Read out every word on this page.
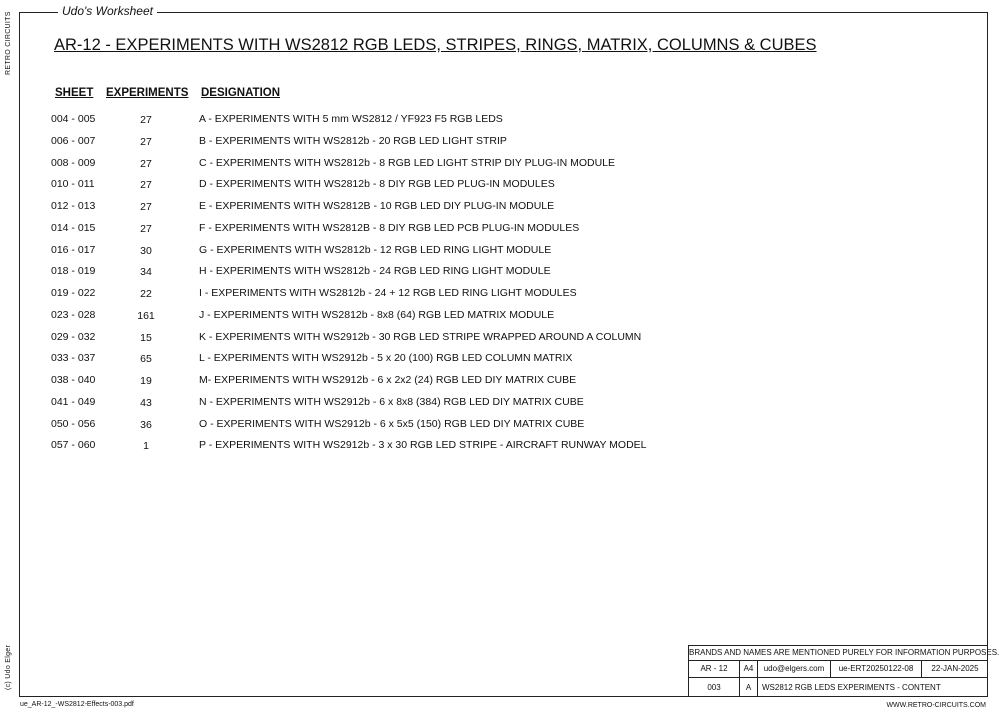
Udo's Worksheet
RETRO CIRCUITS
(c) Udo Elger
AR-12 - EXPERIMENTS WITH WS2812 RGB LEDS, STRIPES, RINGS, MATRIX, COLUMNS & CUBES
SHEET EXPERIMENTS DESIGNATION
004 - 005	27	A - EXPERIMENTS WITH 5 mm WS2812 / YF923 F5 RGB LEDS
006 - 007	27	B - EXPERIMENTS WITH WS2812b - 20 RGB LED LIGHT STRIP
008 - 009	27	C - EXPERIMENTS WITH WS2812b - 8 RGB LED LIGHT STRIP DIY PLUG-IN MODULE
010 - 011	27	D - EXPERIMENTS WITH WS2812b - 8 DIY RGB LED PLUG-IN MODULES
012 - 013	27	E - EXPERIMENTS WITH WS2812B - 10 RGB LED DIY PLUG-IN MODULE
014 - 015	27	F - EXPERIMENTS WITH WS2812B - 8 DIY RGB LED PCB PLUG-IN MODULES
016 - 017	30	G - EXPERIMENTS WITH WS2812b - 12 RGB LED RING LIGHT MODULE
018 - 019	34	H - EXPERIMENTS WITH WS2812b - 24 RGB LED RING LIGHT MODULE
019 - 022	22	I - EXPERIMENTS WITH WS2812b - 24 + 12 RGB LED RING LIGHT MODULES
023 - 028	161	J - EXPERIMENTS WITH WS2812b - 8x8 (64) RGB LED MATRIX MODULE
029 - 032	15	K - EXPERIMENTS WITH WS2912b - 30 RGB LED STRIPE WRAPPED AROUND A COLUMN
033 - 037	65	L - EXPERIMENTS WITH WS2912b - 5 x 20 (100) RGB LED COLUMN MATRIX
038 - 040	19	M- EXPERIMENTS WITH WS2912b - 6 x 2x2 (24) RGB LED DIY MATRIX CUBE
041 - 049	43	N - EXPERIMENTS WITH WS2912b - 6 x 8x8 (384) RGB LED DIY MATRIX CUBE
050 - 056	36	O - EXPERIMENTS WITH WS2912b - 6 x 5x5 (150) RGB LED DIY MATRIX CUBE
057 - 060	1	P - EXPERIMENTS WITH WS2912b - 3 x 30 RGB LED STRIPE - AIRCRAFT RUNWAY MODEL
BRANDS AND NAMES ARE MENTIONED PURELY FOR INFORMATION PURPOSES.
AR - 12	A4	udo@elgers.com	ue-ERT20250122-08	22-JAN-2025
003	A	WS2812 RGB LEDS EXPERIMENTS - CONTENT
ue_AR-12_-WS2812-Effects-003.pdf	WWW.RETRO-CIRCUITS.COM
